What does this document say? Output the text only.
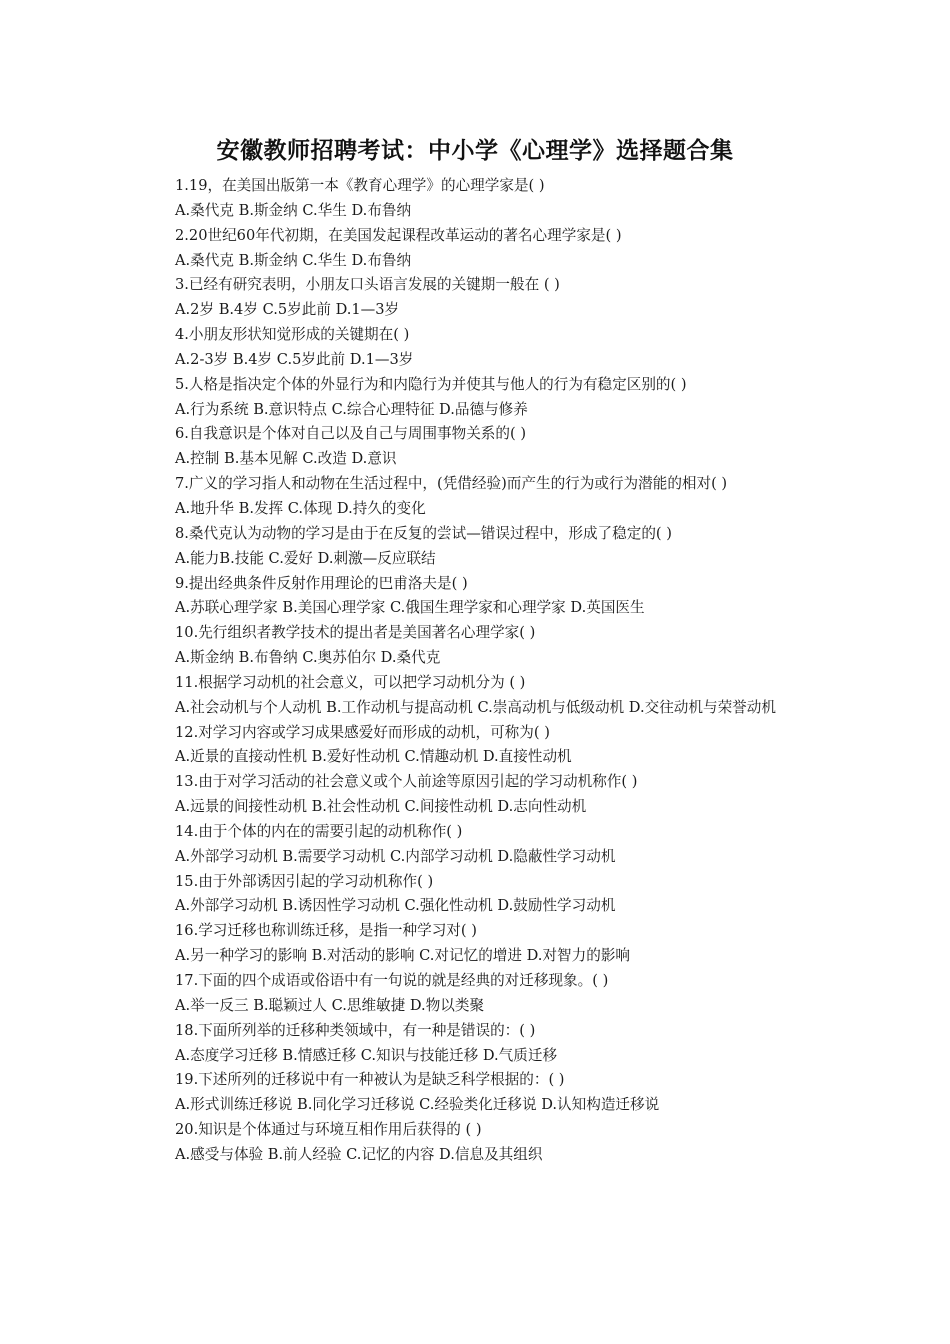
安徽教师招聘考试：中小学《心理学》选择题合集
1.19，在美国出版第一本《教育心理学》的心理学家是( )
A.桑代克 B.斯金纳 C.华生 D.布鲁纳
2.20世纪60年代初期，在美国发起课程改革运动的著名心理学家是( )
A.桑代克 B.斯金纳 C.华生 D.布鲁纳
3.已经有研究表明，小朋友口头语言发展的关键期一般在 ( )
A.2岁 B.4岁 C.5岁此前 D.1—3岁
4.小朋友形状知觉形成的关键期在( )
A.2-3岁 B.4岁 C.5岁此前 D.1—3岁
5.人格是指决定个体的外显行为和内隐行为并使其与他人的行为有稳定区别的( )
A.行为系统 B.意识特点 C.综合心理特征 D.品德与修养
6.自我意识是个体对自己以及自己与周围事物关系的( )
A.控制 B.基本见解 C.改造 D.意识
7.广义的学习指人和动物在生活过程中，(凭借经验)而产生的行为或行为潜能的相对( )
A.地升华 B.发挥 C.体现 D.持久的变化
8.桑代克认为动物的学习是由于在反复的尝试—错误过程中，形成了稳定的( )
A.能力B.技能 C.爱好 D.刺激—反应联结
9.提出经典条件反射作用理论的巴甫洛夫是( )
A.苏联心理学家 B.美国心理学家 C.俄国生理学家和心理学家 D.英国医生
10.先行组织者教学技术的提出者是美国著名心理学家( )
A.斯金纳 B.布鲁纳 C.奥苏伯尔 D.桑代克
11.根据学习动机的社会意义，可以把学习动机分为 ( )
A.社会动机与个人动机 B.工作动机与提高动机 C.崇高动机与低级动机 D.交往动机与荣誉动机
12.对学习内容或学习成果感爱好而形成的动机，可称为( )
A.近景的直接动性机 B.爱好性动机 C.情趣动机 D.直接性动机
13.由于对学习活动的社会意义或个人前途等原因引起的学习动机称作( )
A.远景的间接性动机 B.社会性动机 C.间接性动机 D.志向性动机
14.由于个体的内在的需要引起的动机称作( )
A.外部学习动机 B.需要学习动机 C.内部学习动机 D.隐蔽性学习动机
15.由于外部诱因引起的学习动机称作( )
A.外部学习动机 B.诱因性学习动机 C.强化性动机 D.鼓励性学习动机
16.学习迁移也称训练迁移，是指一种学习对( )
A.另一种学习的影响 B.对活动的影响 C.对记忆的增进 D.对智力的影响
17.下面的四个成语或俗语中有一句说的就是经典的对迁移现象。( )
A.举一反三 B.聪颖过人 C.思维敏捷 D.物以类聚
18.下面所列举的迁移种类领域中，有一种是错误的：( )
A.态度学习迁移 B.情感迁移 C.知识与技能迁移 D.气质迁移
19.下述所列的迁移说中有一种被认为是缺乏科学根据的：( )
A.形式训练迁移说 B.同化学习迁移说 C.经验类化迁移说 D.认知构造迁移说
20.知识是个体通过与环境互相作用后获得的 ( )
A.感受与体验 B.前人经验 C.记忆的内容 D.信息及其组织
